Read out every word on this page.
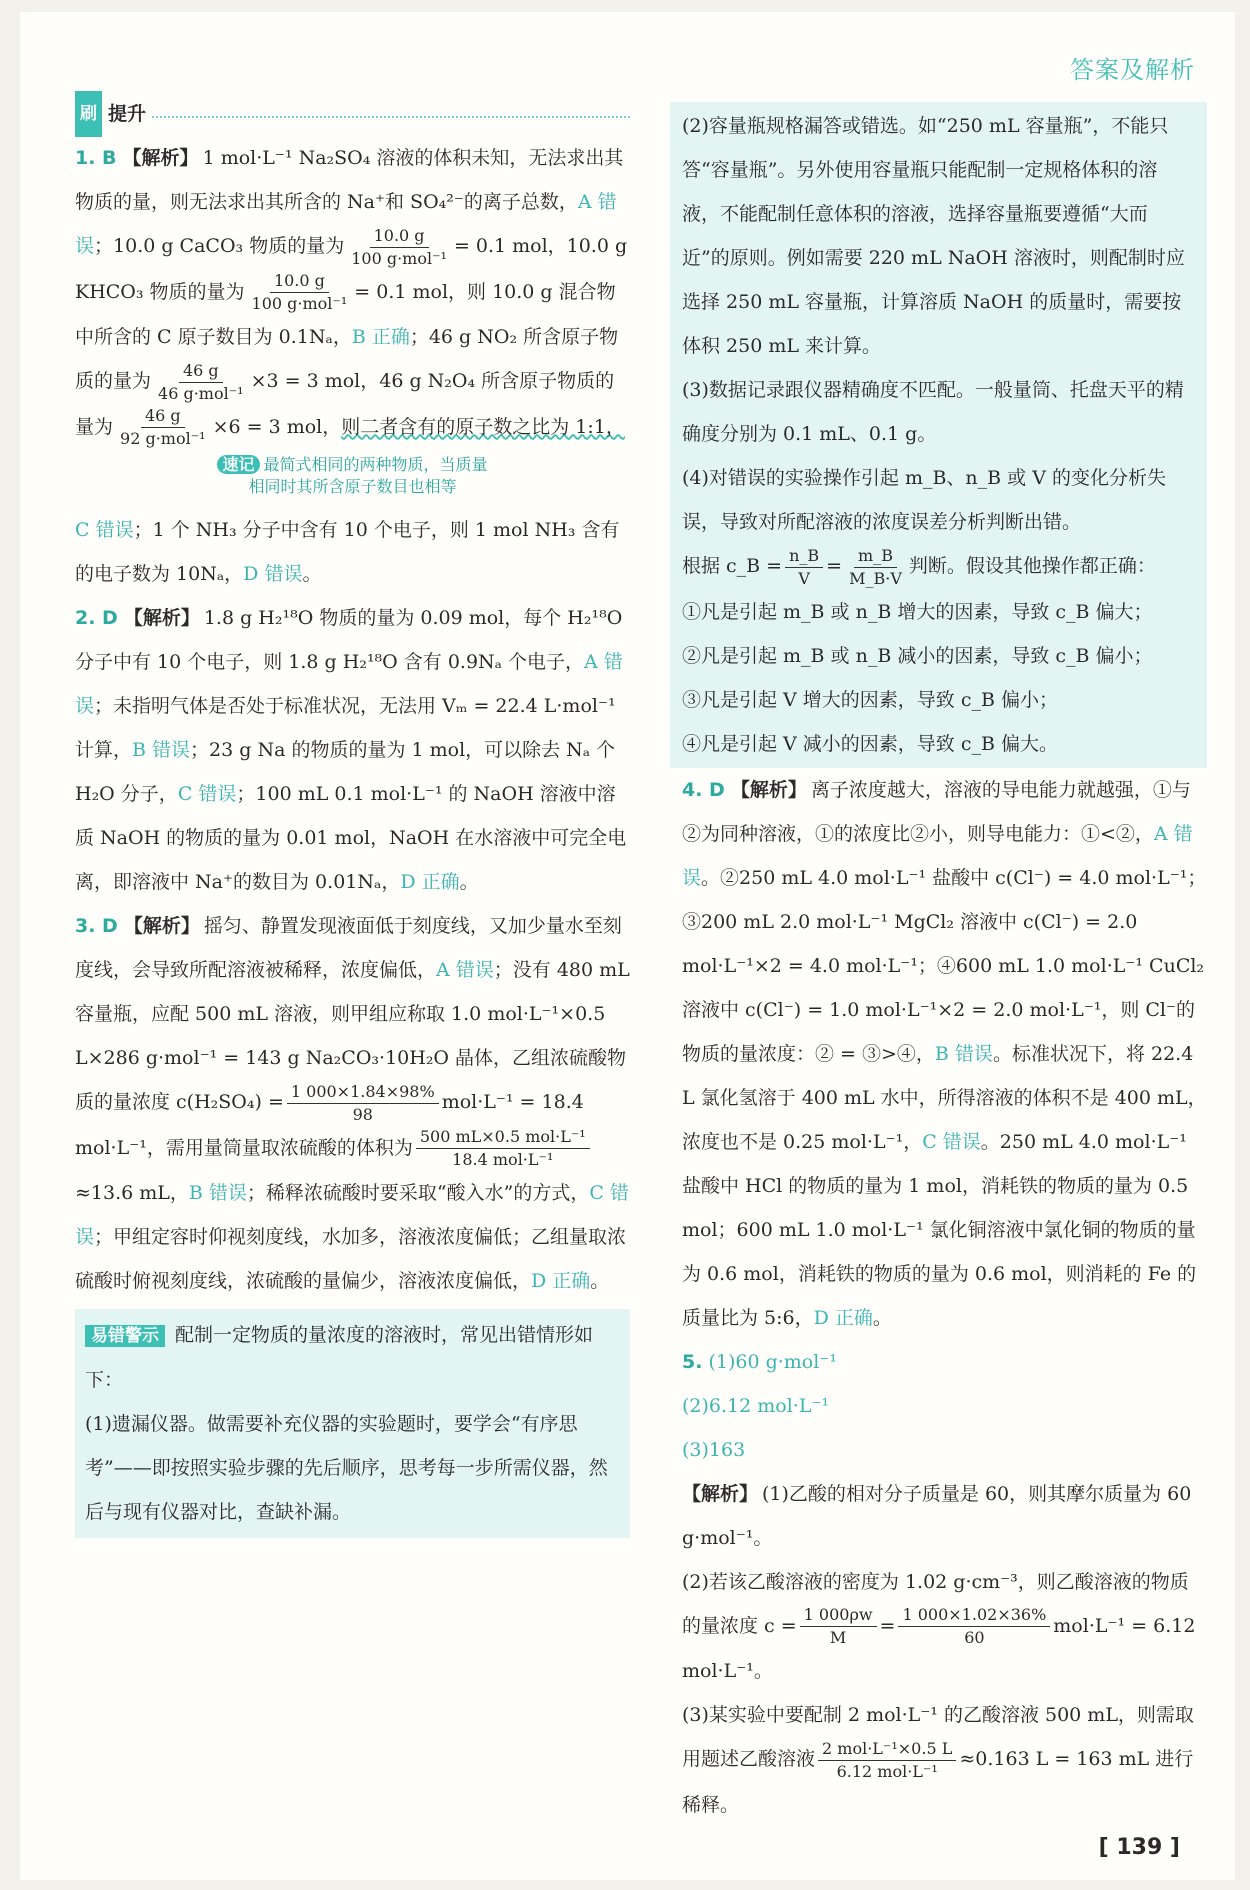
答案及解析
刷 提升
1. B 【解析】 1 mol·L⁻¹ Na₂SO₄ 溶液的体积未知，无法求出其物质的量，则无法求出其所含的 Na⁺和 SO₄²⁻的离子总数，A 错误；10.0 g CaCO₃ 物质的量为 $\frac{10.0 g}{\text{100 g·mol⁻¹}} = 0.1$ mol，10.0 g KHCO₃ 物质的量为 $\frac{10.0 g}{\text{100 g·mol⁻¹}} = 0.1$ mol，则 10.0 g 混合物中所含的 C 原子数目为 0.1Nₐ，B 正确；46 g NO₂ 所含原子物质的量为 $\frac{46 g}{\text{46 g·mol⁻¹}} \times 3 = 3$ mol，46 g N₂O₄ 所含原子物质的量为 $\frac{46 g}{\text{92 g·mol⁻¹}} \times 6 = 3$ mol，则二者含有的原子数之比为 1:1，
速记 最简式相同的两种物质，当质量
相同时其所含原子数目也相等
C 错误；1 个 NH₃ 分子中含有 10 个电子，则 1 mol NH₃ 含有的电子数为 10Nₐ，D 错误。
2. D 【解析】 1.8 g H₂¹⁸O 物质的量为 0.09 mol，每个 H₂¹⁸O 分子中有 10 个电子，则 1.8 g H₂¹⁸O 含有 0.9Nₐ 个电子，A 错误；未指明气体是否处于标准状况，无法用 Vₘ = 22.4 L·mol⁻¹ 计算，B 错误；23 g Na 的物质的量为 1 mol，可以除去 Nₐ 个 H₂O 分子，C 错误；100 mL 0.1 mol·L⁻¹ 的 NaOH 溶液中溶质 NaOH 的物质的量为 0.01 mol，NaOH 在水溶液中可完全电离，即溶液中 Na⁺的数目为 0.01Nₐ，D 正确。
3. D 【解析】 摇匀、静置发现液面低于刻度线，又加少量水至刻度线，会导致所配溶液被稀释，浓度偏低，A 错误；没有 480 mL 容量瓶，应配 500 mL 溶液，则甲组应称取 1.0 mol·L⁻¹×0.5 L×286 g·mol⁻¹ = 143 g Na₂CO₃·10H₂O 晶体，乙组浓硫酸物质的量浓度 $c(H_2SO_4) = \frac{1 000\times 1.84\times 98\%}{98} mol\cdot L^{-1} = 18.4$ mol·L⁻¹，需用量筒量取浓硫酸的体积为 $\frac{\text{500 mL×0.5 mol·L⁻¹}}{\text{18.4 mol·L⁻¹}}$
≈13.6 mL，B 错误；稀释浓硫酸时要采取“酸入水”的方式，C 错误；甲组定容时仰视刻度线，水加多，溶液浓度偏低；乙组量取浓硫酸时俯视刻度线，浓硫酸的量偏少，溶液浓度偏低，D 正确。
易错警示 配制一定物质的量浓度的溶液时，常见出错情形如下：

(1)遗漏仪器。做需要补充仪器的实验题时，要学会“有序思考”——即按照实验步骤的先后顺序，思考每一步所需仪器，然后与现有仪器对比，查缺补漏。

(2)容量瓶规格漏答或错选。如“250 mL 容量瓶”，不能只答“容量瓶”。另外使用容量瓶只能配制一定规格体积的溶液，不能配制任意体积的溶液，选择容量瓶要遵循“大而近”的原则。例如需要 220 mL NaOH 溶液时，则配制时应选择 250 mL 容量瓶，计算溶质 NaOH 的质量时，需要按体积 250 mL 来计算。

(3)数据记录跟仪器精确度不匹配。一般量筒、托盘天平的精确度分别为 0.1 mL、0.1 g。

(4)对错误的实验操作引起 m_B、n_B 或 V 的变化分析失误，导致对所配溶液的浓度误差分析判断出错。

根据 c_B = $\frac{n\_B}{V} = \frac{m\_B}{M\_B\cdot V}$ 判断。假设其他操作都正确：

①凡是引起 m_B 或 n_B 增大的因素，导致 c_B 偏大；

②凡是引起 m_B 或 n_B 减小的因素，导致 c_B 偏小；

③凡是引起 V 增大的因素，导致 c_B 偏小；

④凡是引起 V 减小的因素，导致 c_B 偏大。

4. D 【解析】 离子浓度越大，溶液的导电能力就越强，①与②为同种溶液，①的浓度比②小，则导电能力：①<②，A 错误。②250 mL 4.0 mol·L⁻¹ 盐酸中 c(Cl⁻) = 4.0 mol·L⁻¹；③200 mL 2.0 mol·L⁻¹ MgCl₂ 溶液中 c(Cl⁻) = 2.0 mol·L⁻¹×2 = 4.0 mol·L⁻¹；④600 mL 1.0 mol·L⁻¹ CuCl₂ 溶液中 c(Cl⁻) = 1.0 mol·L⁻¹×2 = 2.0 mol·L⁻¹，则 Cl⁻的物质的量浓度：② = ③>④，B 错误。标准状况下，将 22.4 L 氯化氢溶于 400 mL 水中，所得溶液的体积不是 400 mL，浓度也不是 0.25 mol·L⁻¹，C 错误。250 mL 4.0 mol·L⁻¹ 盐酸中 HCl 的物质的量为 1 mol，消耗铁的物质的量为 0.5 mol；600 mL 1.0 mol·L⁻¹ 氯化铜溶液中氯化铜的物质的量为 0.6 mol，消耗铁的物质的量为 0.6 mol，则消耗的 Fe 的质量比为 5:6，D 正确。
5. (1)60 g·mol⁻¹
(2)6.12 mol·L⁻¹
(3)163
【解析】 (1)乙酸的相对分子质量是 60，则其摩尔质量为 60 g·mol⁻¹。
(2)若该乙酸溶液的密度为 1.02 g·cm⁻³，则乙酸溶液的物质的量浓度 $c = \frac{1 000\rho w}{M} = \frac{1 000\times 1.02\times 36\%}{60} mol\cdot L^{-1} = 6.12$ mol·L⁻¹。
(3)某实验中要配制 2 mol·L⁻¹ 的乙酸溶液 500 mL，则需取用题述乙酸溶液 $\frac{\text{2 mol·L⁻¹×0.5 L}}{\text{6.12 mol·L⁻¹}} \approx 0.163$ L = 163 mL 进行稀释。
[ 139 ]
